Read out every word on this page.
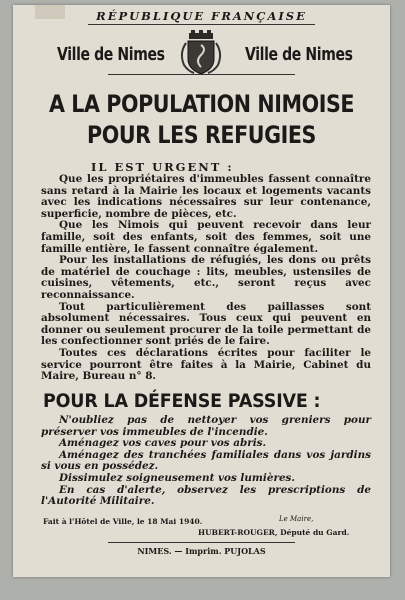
RÉPUBLIQUE FRANÇAISE
Ville de Nimes	Ville de Nimes
A LA POPULATION NIMOISE
POUR LES REFUGIES
IL EST URGENT :

Que les propriétaires d'immeubles fassent connaître sans retard à la Mairie les locaux et logements vacants avec les indications nécessaires sur leur contenance, superficie, nombre de pièces, etc.

Que les Nimois qui peuvent recevoir dans leur famille, soit des enfants, soit des femmes, soit une famille entière, le fassent connaître également.

Pour les installations de réfugiés, les dons ou prêts de matériel de couchage : lits, meubles, ustensiles de cuisines, vêtements, etc., seront reçus avec reconnaissance.

Tout particulièrement des paillasses sont absolument nécessaires. Tous ceux qui peuvent en donner ou seulement procurer de la toile permettant de les confectionner sont priés de le faire.

Toutes ces déclarations écrites pour faciliter le service pourront être faites à la Mairie, Cabinet du Maire, Bureau n° 8.

POUR LA DÉFENSE PASSIVE :

N'oubliez pas de nettoyer vos greniers pour préserver vos immeubles de l'incendie.

Aménagez vos caves pour vos abris.

Aménagez des tranchées familiales dans vos jardins si vous en possédez.

Dissimulez soigneusement vos lumières.

En cas d'alerte, observez les prescriptions de l'Autorité Militaire.

Fait à l'Hôtel de Ville, le 18 Mai 1940.	Le Maire,
HUBERT-ROUGER, Député du Gard.
NIMES. — Imprim. PUJOLAS
